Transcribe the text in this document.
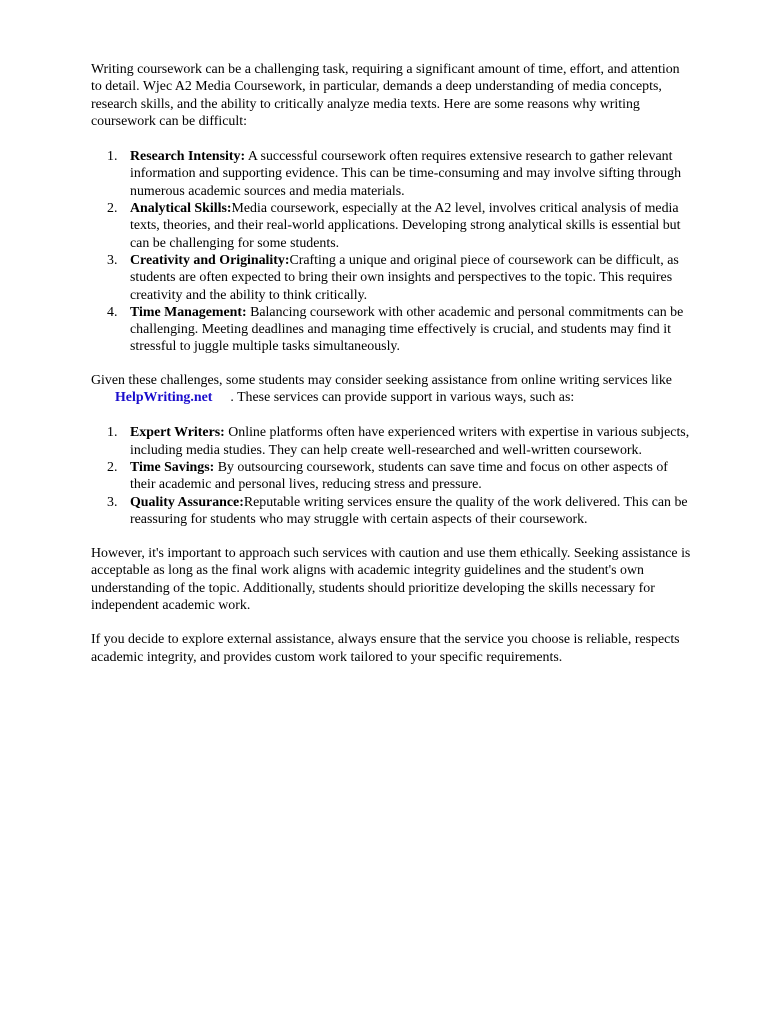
Writing coursework can be a challenging task, requiring a significant amount of time, effort, and attention to detail. Wjec A2 Media Coursework, in particular, demands a deep understanding of media concepts, research skills, and the ability to critically analyze media texts. Here are some reasons why writing coursework can be difficult:

1. Research Intensity: A successful coursework often requires extensive research to gather relevant information and supporting evidence. This can be time-consuming and may involve sifting through numerous academic sources and media materials.
2. Analytical Skills:Media coursework, especially at the A2 level, involves critical analysis of media texts, theories, and their real-world applications. Developing strong analytical skills is essential but can be challenging for some students.
3. Creativity and Originality:Crafting a unique and original piece of coursework can be difficult, as students are often expected to bring their own insights and perspectives to the topic. This requires creativity and the ability to think critically.
4. Time Management: Balancing coursework with other academic and personal commitments can be challenging. Meeting deadlines and managing time effectively is crucial, and students may find it stressful to juggle multiple tasks simultaneously.

Given these challenges, some students may consider seeking assistance from online writing services likeHelpWriting.net . These services can provide support in various ways, such as:

1. Expert Writers: Online platforms often have experienced writers with expertise in various subjects, including media studies. They can help create well-researched and well-written coursework.
2. Time Savings: By outsourcing coursework, students can save time and focus on other aspects of their academic and personal lives, reducing stress and pressure.
3. Quality Assurance:Reputable writing services ensure the quality of the work delivered. This can be reassuring for students who may struggle with certain aspects of their coursework.

However, it's important to approach such services with caution and use them ethically. Seeking assistance is acceptable as long as the final work aligns with academic integrity guidelines and the student's own understanding of the topic. Additionally, students should prioritize developing the skills necessary for independent academic work.

If you decide to explore external assistance, always ensure that the service you choose is reliable, respects academic integrity, and provides custom work tailored to your specific requirements.
